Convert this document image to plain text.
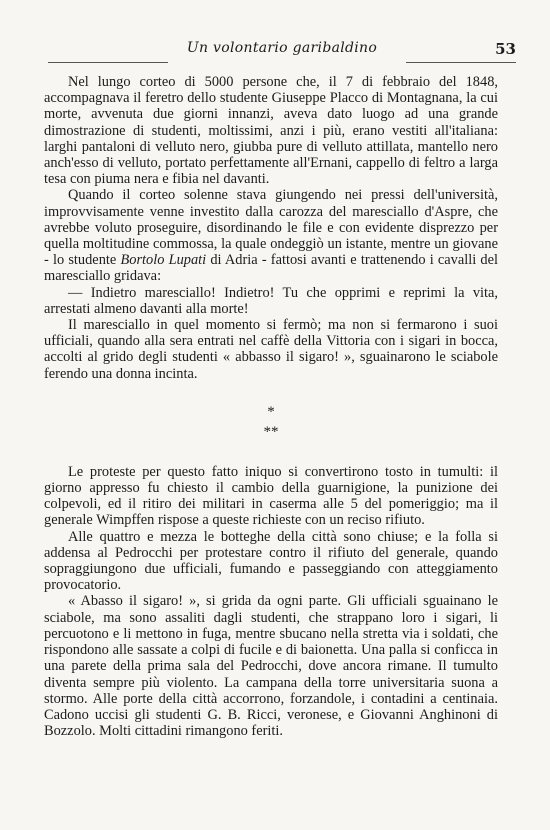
Un volontario garibaldino	53

Nel lungo corteo di 5000 persone che, il 7 di febbraio del 1848, accompagnava il feretro dello studente Giuseppe Placco di Montagnana, la cui morte, avvenuta due giorni innanzi, aveva dato luogo ad una grande dimostrazione di studenti, moltissimi, anzi i più, erano vestiti all'italiana: larghi pantaloni di velluto nero, giubba pure di velluto attillata, mantello nero anch'esso di velluto, portato perfettamente all'Ernani, cappello di feltro a larga tesa con piuma nera e fibia nel davanti.

Quando il corteo solenne stava giungendo nei pressi dell'università, improvvisamente venne investito dalla carozza del maresciallo d'Aspre, che avrebbe voluto proseguire, disordinando le file e con evidente disprezzo per quella moltitudine commossa, la quale ondeggiò un istante, mentre un giovane - lo studente Bortolo Lupati di Adria - fattosi avanti e trattenendo i cavalli del maresciallo gridava:

— Indietro maresciallo! Indietro! Tu che opprimi e reprimi la vita, arrestati almeno davanti alla morte!

Il maresciallo in quel momento si fermò; ma non si fermarono i suoi ufficiali, quando alla sera entrati nel caffè della Vittoria con i sigari in bocca, accolti al grido degli studenti « abbasso il sigaro! », sguainarono le sciabole ferendo una donna incinta.

*
**

Le proteste per questo fatto iniquo si convertirono tosto in tumulti: il giorno appresso fu chiesto il cambio della guarnigione, la punizione dei colpevoli, ed il ritiro dei militari in caserma alle 5 del pomeriggio; ma il generale Wimpffen rispose a queste richieste con un reciso rifiuto.

Alle quattro e mezza le botteghe della città sono chiuse; e la folla si addensa al Pedrocchi per protestare contro il rifiuto del generale, quando sopraggiungono due ufficiali, fumando e passeggiando con atteggiamento provocatorio.

« Abasso il sigaro! », si grida da ogni parte. Gli ufficiali sguainano le sciabole, ma sono assaliti dagli studenti, che strappano loro i sigari, li percuotono e li mettono in fuga, mentre sbucano nella stretta via i soldati, che rispondono alle sassate a colpi di fucile e di baionetta. Una palla si conficca in una parete della prima sala del Pedrocchi, dove ancora rimane. Il tumulto diventa sempre più violento. La campana della torre universitaria suona a stormo. Alle porte della città accorrono, forzandole, i contadini a centinaia. Cadono uccisi gli studenti G. B. Ricci, veronese, e Giovanni Anghinoni di Bozzolo. Molti cittadini rimangono feriti.
